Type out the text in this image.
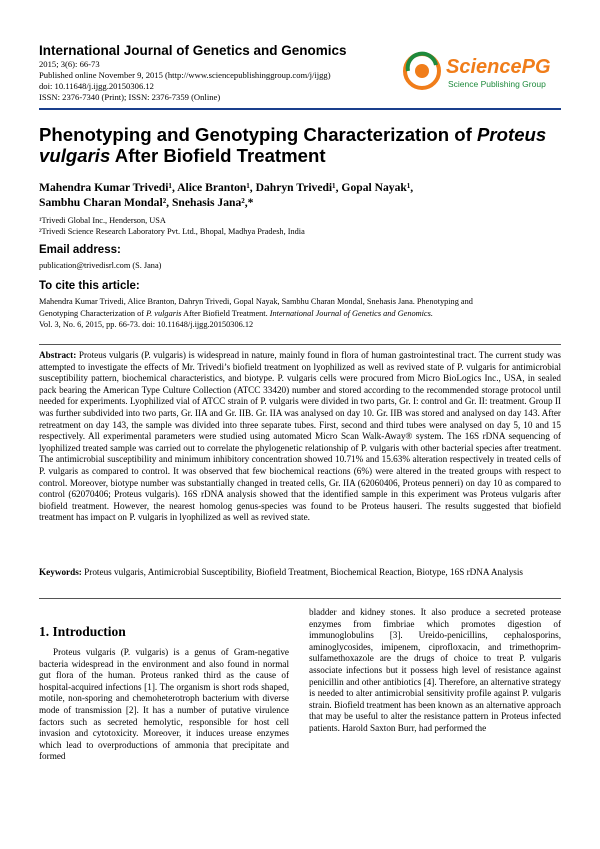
International Journal of Genetics and Genomics
2015; 3(6): 66-73
Published online November 9, 2015 (http://www.sciencepublishinggroup.com/j/ijgg)
doi: 10.11648/j.ijgg.20150306.12
ISSN: 2376-7340 (Print); ISSN: 2376-7359 (Online)
SciencePG
Science Publishing Group
Phenotyping and Genotyping Characterization of Proteus vulgaris After Biofield Treatment
Mahendra Kumar Trivedi¹, Alice Branton¹, Dahryn Trivedi¹, Gopal Nayak¹,
Sambhu Charan Mondal², Snehasis Jana²,*
¹Trivedi Global Inc., Henderson, USA
²Trivedi Science Research Laboratory Pvt. Ltd., Bhopal, Madhya Pradesh, India
Email address:
publication@trivedisrl.com (S. Jana)
To cite this article:
Mahendra Kumar Trivedi, Alice Branton, Dahryn Trivedi, Gopal Nayak, Sambhu Charan Mondal, Snehasis Jana. Phenotyping and
Genotyping Characterization of P. vulgaris After Biofield Treatment. International Journal of Genetics and Genomics.
Vol. 3, No. 6, 2015, pp. 66-73. doi: 10.11648/j.ijgg.20150306.12
Abstract: Proteus vulgaris (P. vulgaris) is widespread in nature, mainly found in flora of human gastrointestinal tract. The current study was attempted to investigate the effects of Mr. Trivedi’s biofield treatment on lyophilized as well as revived state of P. vulgaris for antimicrobial susceptibility pattern, biochemical characteristics, and biotype. P. vulgaris cells were procured from Micro BioLogics Inc., USA, in sealed pack bearing the American Type Culture Collection (ATCC 33420) number and stored according to the recommended storage protocol until needed for experiments. Lyophilized vial of ATCC strain of P. vulgaris were divided in two parts, Gr. I: control and Gr. II: treatment. Group II was further subdivided into two parts, Gr. IIA and Gr. IIB. Gr. IIA was analysed on day 10. Gr. IIB was stored and analysed on day 143. After retreatment on day 143, the sample was divided into three separate tubes. First, second and third tubes were analysed on day 5, 10 and 15 respectively. All experimental parameters were studied using automated Micro Scan Walk-Away® system. The 16S rDNA sequencing of lyophilized treated sample was carried out to correlate the phylogenetic relationship of P. vulgaris with other bacterial species after treatment. The antimicrobial susceptibility and minimum inhibitory concentration showed 10.71% and 15.63% alteration respectively in treated cells of P. vulgaris as compared to control. It was observed that few biochemical reactions (6%) were altered in the treated groups with respect to control. Moreover, biotype number was substantially changed in treated cells, Gr. IIA (62060406, Proteus penneri) on day 10 as compared to control (62070406; Proteus vulgaris). 16S rDNA analysis showed that the identified sample in this experiment was Proteus vulgaris after biofield treatment. However, the nearest homolog genus-species was found to be Proteus hauseri. The results suggested that biofield treatment has impact on P. vulgaris in lyophilized as well as revived state.
Keywords: Proteus vulgaris, Antimicrobial Susceptibility, Biofield Treatment, Biochemical Reaction, Biotype, 16S rDNA Analysis
1. Introduction
Proteus vulgaris (P. vulgaris) is a genus of Gram-negative bacteria widespread in the environment and also found in normal gut flora of the human. Proteus ranked third as the cause of hospital-acquired infections [1]. The organism is short rods shaped, motile, non-sporing and chemoheterotroph bacterium with diverse mode of transmission [2]. It has a number of putative virulence factors such as secreted hemolytic, responsible for host cell invasion and cytotoxicity. Moreover, it induces urease enzymes which lead to overproductions of ammonia that precipitate and formed
bladder and kidney stones. It also produce a secreted protease enzymes from fimbriae which promotes digestion of immunoglobulins [3]. Ureido-penicillins, cephalosporins, aminoglycosides, imipenem, ciprofloxacin, and trimethoprim-sulfamethoxazole are the drugs of choice to treat P. vulgaris associate infections but it possess high level of resistance against penicillin and other antibiotics [4]. Therefore, an alternative strategy is needed to alter antimicrobial sensitivity profile against P. vulgaris strain. Biofield treatment has been known as an alternative approach that may be useful to alter the resistance pattern in Proteus infected patients. Harold Saxton Burr, had performed the
